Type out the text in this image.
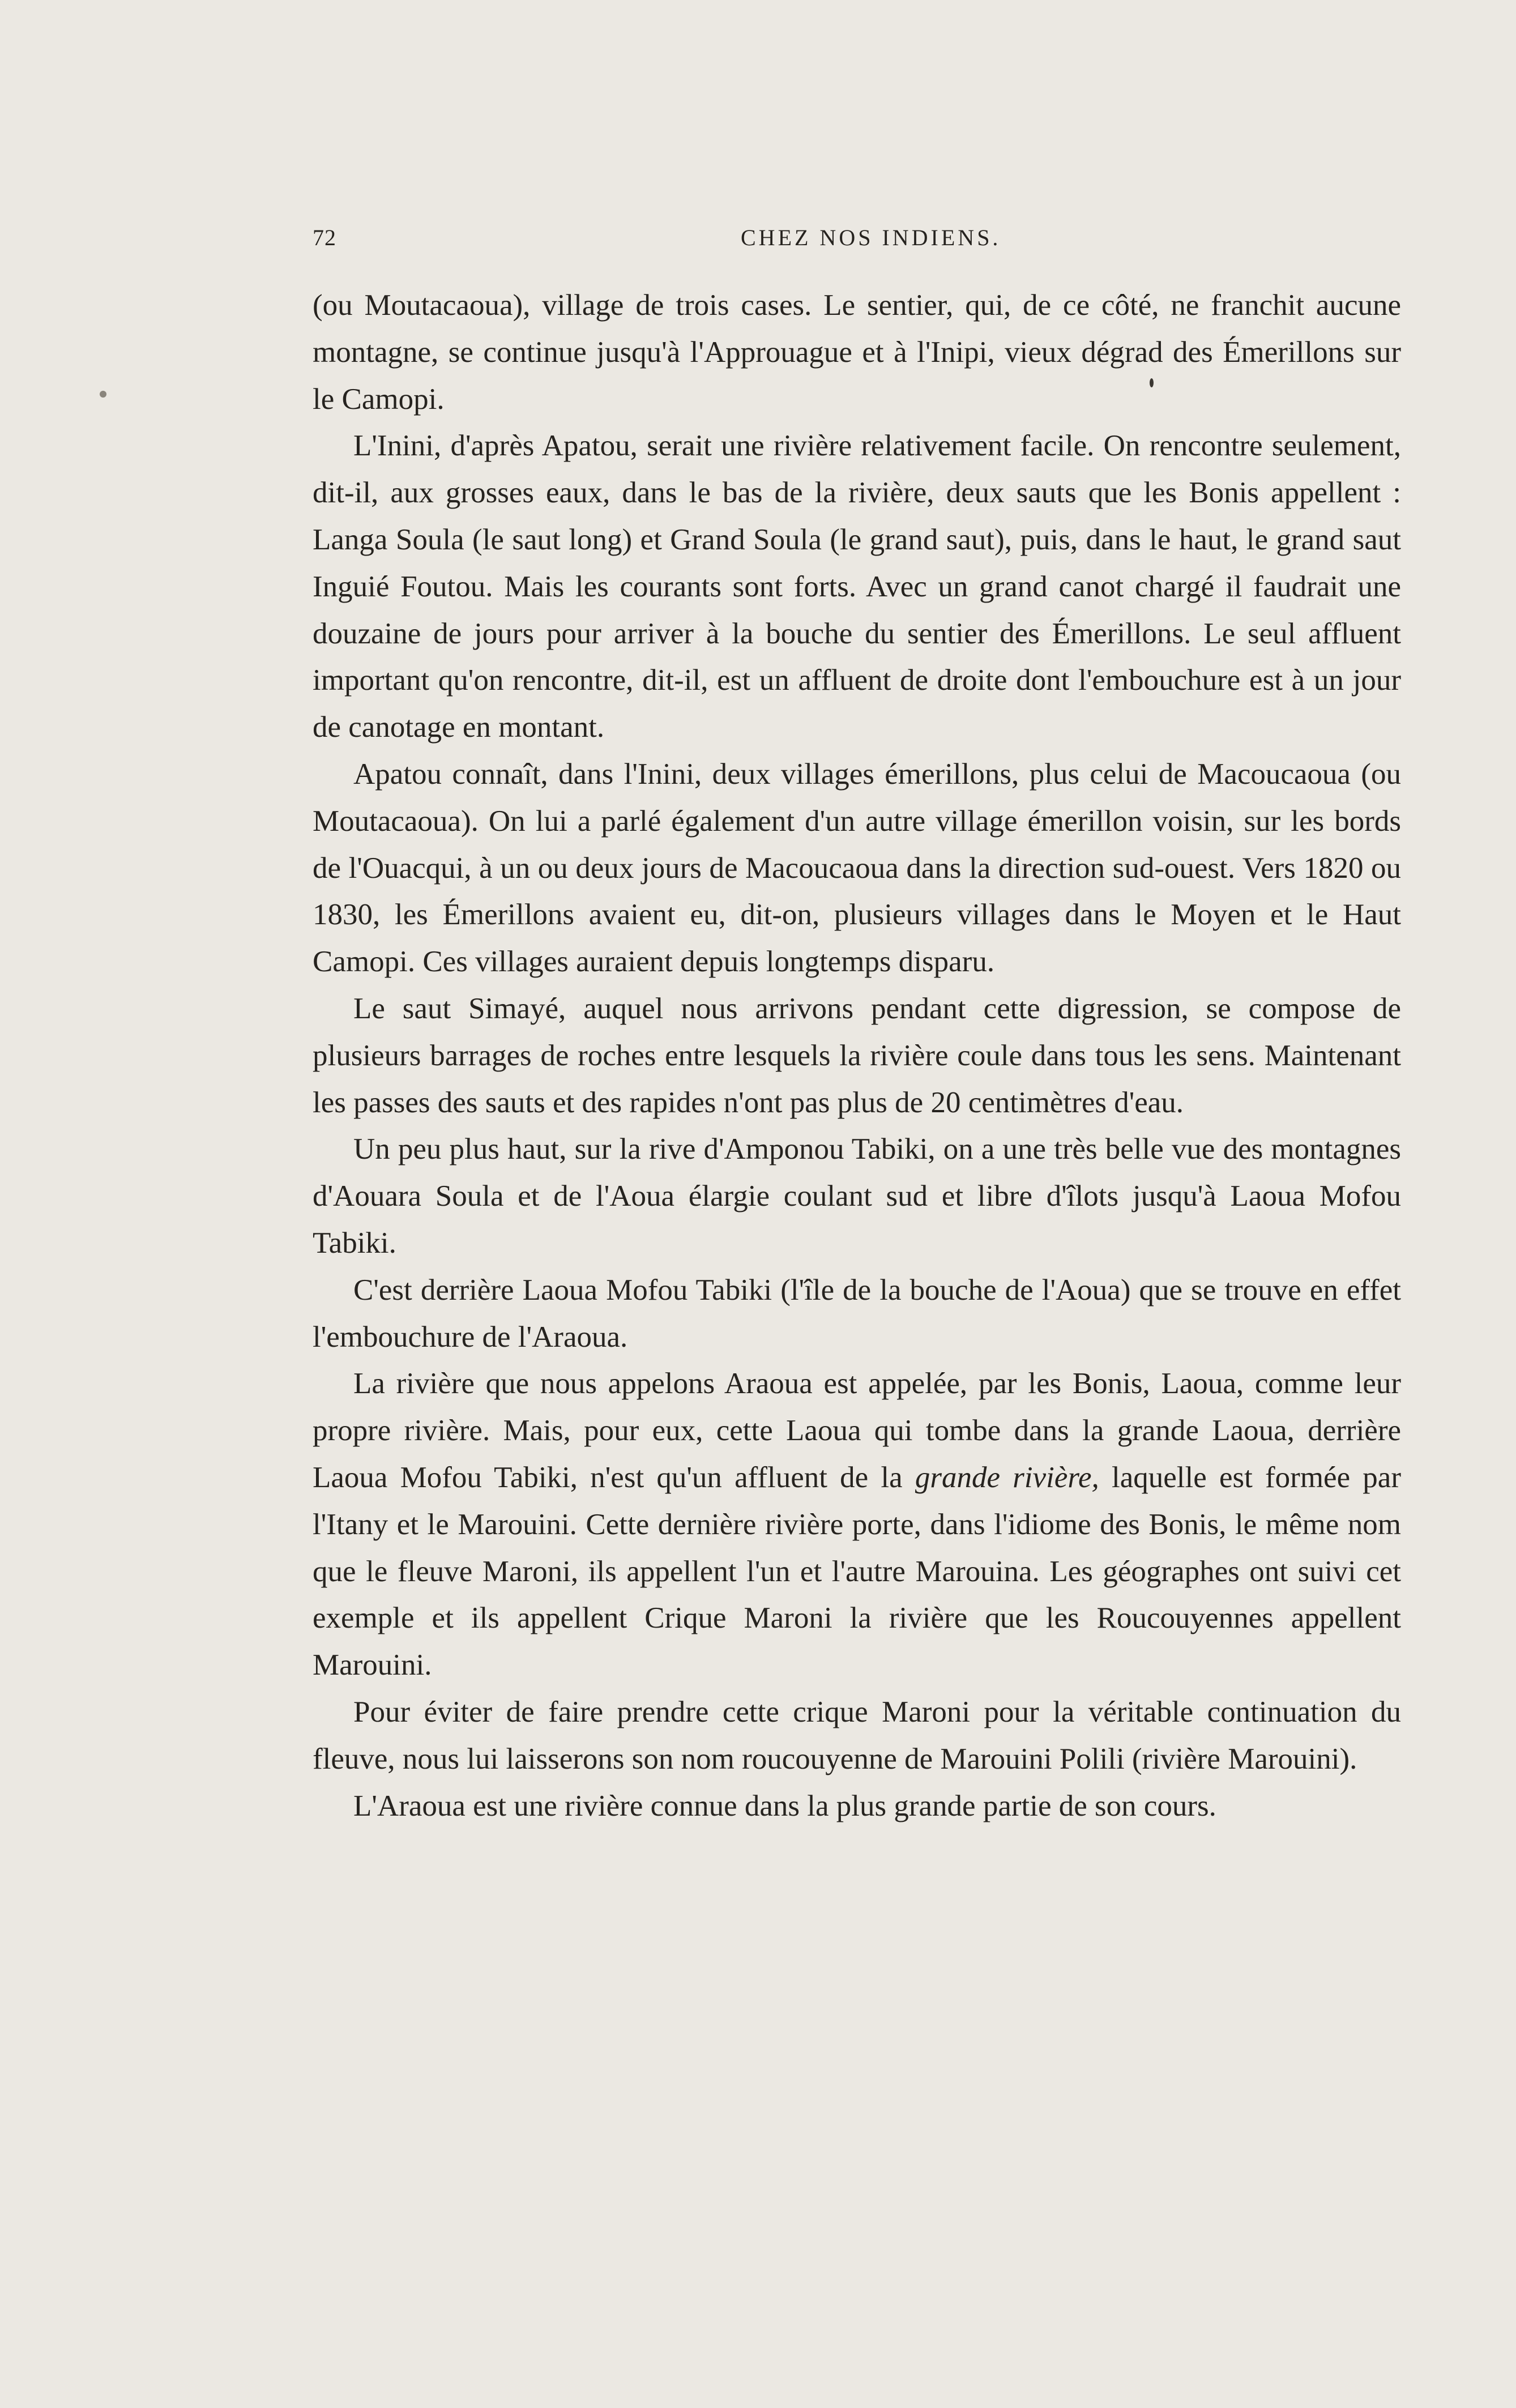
72	CHEZ NOS INDIENS.

(ou Moutacaoua), village de trois cases. Le sentier, qui, de ce côté, ne franchit aucune montagne, se continue jusqu'à l'Approuague et à l'Inipi, vieux dégrad des Émerillons sur le Camopi.

L'Inini, d'après Apatou, serait une rivière relativement facile. On rencontre seulement, dit-il, aux grosses eaux, dans le bas de la rivière, deux sauts que les Bonis appellent : Langa Soula (le saut long) et Grand Soula (le grand saut), puis, dans le haut, le grand saut Inguié Foutou. Mais les courants sont forts. Avec un grand canot chargé il faudrait une douzaine de jours pour arriver à la bouche du sentier des Émerillons. Le seul affluent important qu'on rencontre, dit-il, est un affluent de droite dont l'embouchure est à un jour de canotage en montant.

Apatou connaît, dans l'Inini, deux villages émerillons, plus celui de Macoucaoua (ou Moutacaoua). On lui a parlé également d'un autre village émerillon voisin, sur les bords de l'Ouacqui, à un ou deux jours de Macoucaoua dans la direction sud-ouest. Vers 1820 ou 1830, les Émerillons avaient eu, dit-on, plusieurs villages dans le Moyen et le Haut Camopi. Ces villages auraient depuis longtemps disparu.

Le saut Simayé, auquel nous arrivons pendant cette digression, se compose de plusieurs barrages de roches entre lesquels la rivière coule dans tous les sens. Maintenant les passes des sauts et des rapides n'ont pas plus de 20 centimètres d'eau.

Un peu plus haut, sur la rive d'Amponou Tabiki, on a une très belle vue des montagnes d'Aouara Soula et de l'Aoua élargie coulant sud et libre d'îlots jusqu'à Laoua Mofou Tabiki.

C'est derrière Laoua Mofou Tabiki (l'île de la bouche de l'Aoua) que se trouve en effet l'embouchure de l'Araoua.

La rivière que nous appelons Araoua est appelée, par les Bonis, Laoua, comme leur propre rivière. Mais, pour eux, cette Laoua qui tombe dans la grande Laoua, derrière Laoua Mofou Tabiki, n'est qu'un affluent de la grande rivière, laquelle est formée par l'Itany et le Marouini. Cette dernière rivière porte, dans l'idiome des Bonis, le même nom que le fleuve Maroni, ils appellent l'un et l'autre Marouina. Les géographes ont suivi cet exemple et ils appellent Crique Maroni la rivière que les Roucouyennes appellent Marouini.

Pour éviter de faire prendre cette crique Maroni pour la véritable continuation du fleuve, nous lui laisserons son nom roucouyenne de Marouini Polili (rivière Marouini).

L'Araoua est une rivière connue dans la plus grande partie de son cours.
